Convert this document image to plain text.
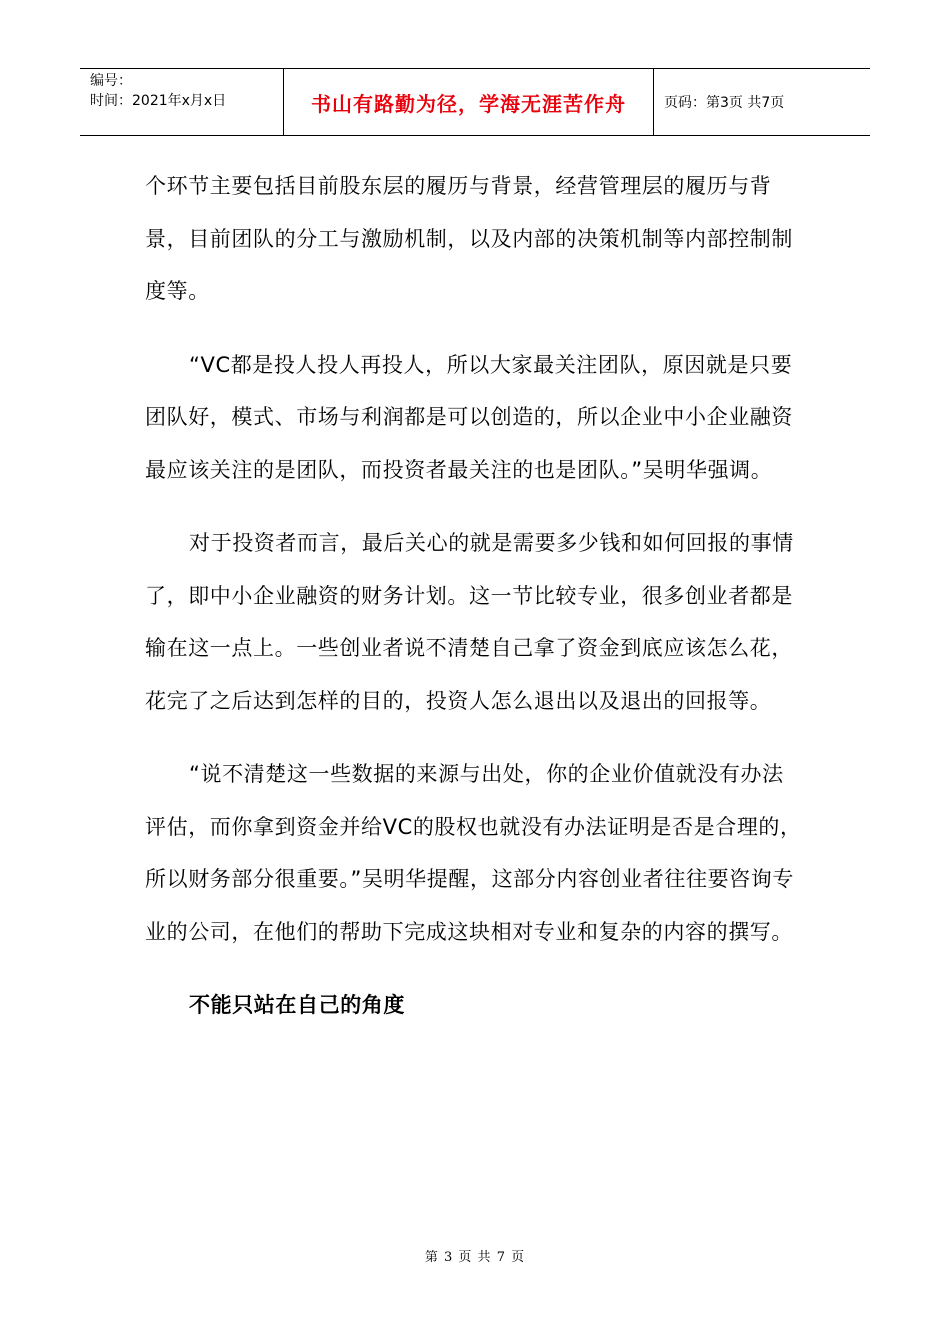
编号：
时间：2021年x月x日	书山有路勤为径，学海无涯苦作舟	页码：第3页 共7页

个环节主要包括目前股东层的履历与背景，经营管理层的履历与背景，目前团队的分工与激励机制，以及内部的决策机制等内部控制制度等。

“VC都是投人投人再投人，所以大家最关注团队，原因就是只要团队好，模式、市场与利润都是可以创造的，所以企业中小企业融资最应该关注的是团队，而投资者最关注的也是团队。”吴明华强调。

对于投资者而言，最后关心的就是需要多少钱和如何回报的事情了，即中小企业融资的财务计划。这一节比较专业，很多创业者都是输在这一点上。一些创业者说不清楚自己拿了资金到底应该怎么花，花完了之后达到怎样的目的，投资人怎么退出以及退出的回报等。

“说不清楚这一些数据的来源与出处，你的企业价值就没有办法评估，而你拿到资金并给VC的股权也就没有办法证明是否是合理的，所以财务部分很重要。”吴明华提醒，这部分内容创业者往往要咨询专业的公司，在他们的帮助下完成这块相对专业和复杂的内容的撰写。

不能只站在自己的角度
第 3 页 共 7 页
